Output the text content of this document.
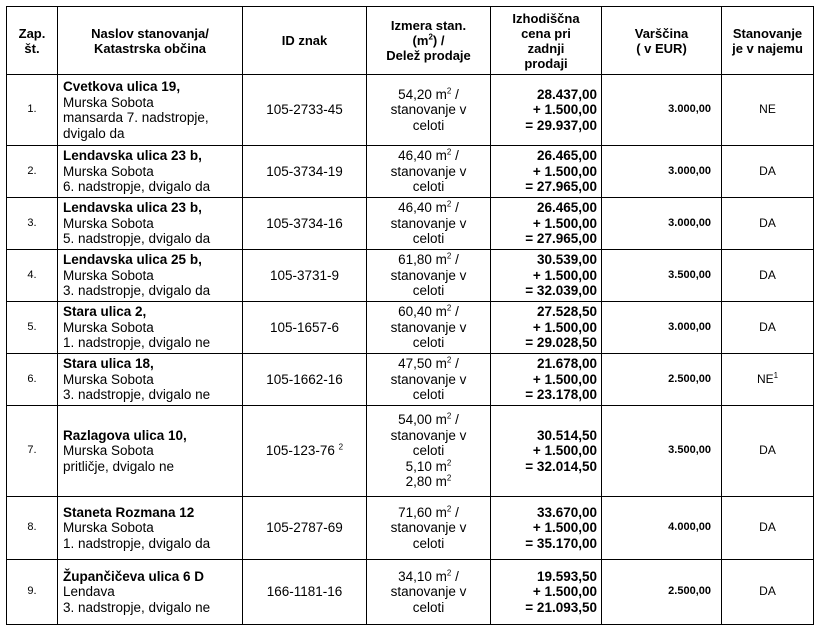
Zap.
št.	Naslov stanovanja/
Katastrska občina	ID znak	Izmera stan.
$(m^2)$ /
Delež prodaje	Izhodiščna
cena pri
zadnji
prodaji	Varščina
( v EUR)	Stanovanje
je v najemu

1.	Cvetkova ulica 19,
Murska Sobota
mansarda 7. nadstropje,
dvigalo da	105-2733-45	54,20 $m^2$ /
stanovanje v
celoti	28.437,00
+ 1.500,00
= 29.937,00	3.000,00	NE
2.	Lendavska ulica 23 b,
Murska Sobota
6. nadstropje, dvigalo da	105-3734-19	46,40 $m^2$ /
stanovanje v
celoti	26.465,00
+ 1.500,00
= 27.965,00	3.000,00	DA
3.	Lendavska ulica 23 b,
Murska Sobota
5. nadstropje, dvigalo da	105-3734-16	46,40 $m^2$ /
stanovanje v
celoti	26.465,00
+ 1.500,00
= 27.965,00	3.000,00	DA
4.	Lendavska ulica 25 b,
Murska Sobota
3. nadstropje, dvigalo da	105-3731-9	61,80 $m^2$ /
stanovanje v
celoti	30.539,00
+ 1.500,00
= 32.039,00	3.500,00	DA
5.	Stara ulica 2,
Murska Sobota
1. nadstropje, dvigalo ne	105-1657-6	60,40 $m^2$ /
stanovanje v
celoti	27.528,50
+ 1.500,00
= 29.028,50	3.000,00	DA
6.	Stara ulica 18,
Murska Sobota
3. nadstropje, dvigalo ne	105-1662-16	47,50 $m^2$ /
stanovanje v
celoti	21.678,00
+ 1.500,00
= 23.178,00	2.500,00	$NE^1$
7.	Razlagova ulica 10,
Murska Sobota
pritličje, dvigalo ne	105-123-76 $^2$	54,00 $m^2$ /
stanovanje v
celoti
5,10 $m^2$
2,80 $m^2$	30.514,50
+ 1.500,00
= 32.014,50	3.500,00	DA
8.	Staneta Rozmana 12
Murska Sobota
1. nadstropje, dvigalo da	105-2787-69	71,60 $m^2$ /
stanovanje v
celoti	33.670,00
+ 1.500,00
= 35.170,00	4.000,00	DA
9.	Župančičeva ulica 6 D
Lendava
3. nadstropje, dvigalo ne	166-1181-16	34,10 $m^2$ /
stanovanje v
celoti	19.593,50
+ 1.500,00
= 21.093,50	2.500,00	DA
